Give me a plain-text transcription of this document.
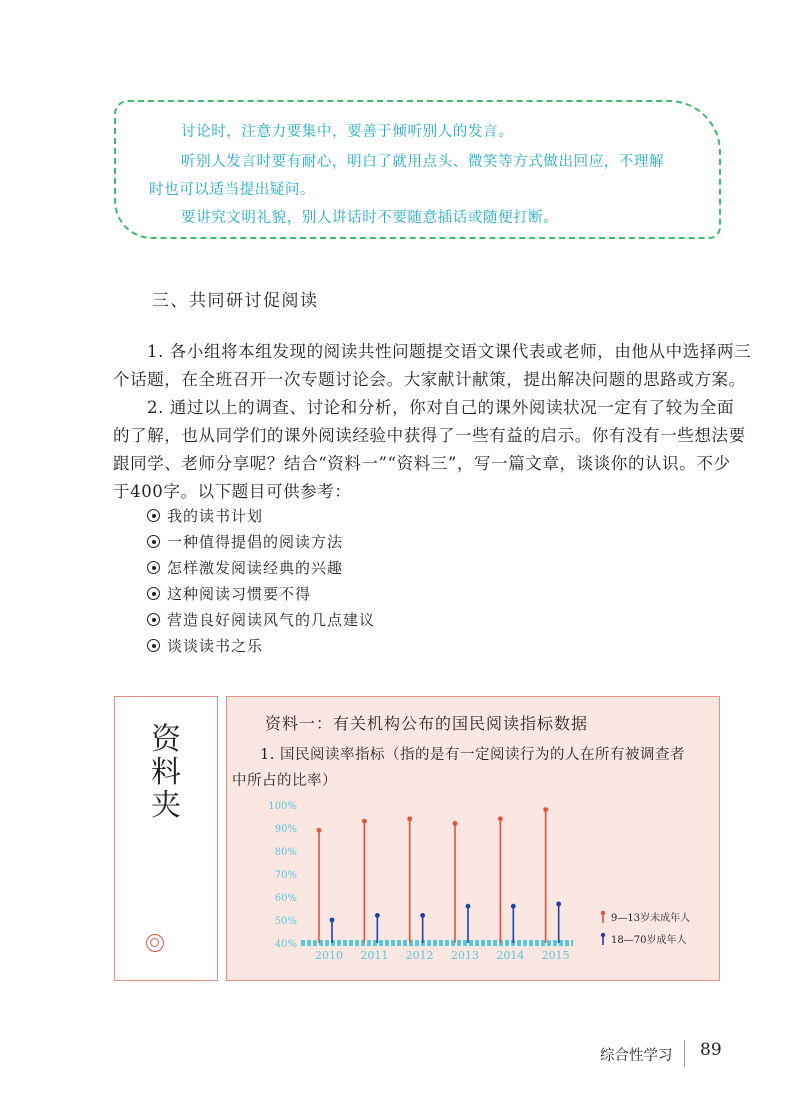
讨论时，注意力要集中，要善于倾听别人的发言。
听别人发言时要有耐心，明白了就用点头、微笑等方式做出回应，不理解
时也可以适当提出疑问。
要讲究文明礼貌，别人讲话时不要随意插话或随便打断。
三、共同研讨促阅读
1. 各小组将本组发现的阅读共性问题提交语文课代表或老师，由他从中选择两三
个话题，在全班召开一次专题讨论会。大家献计献策，提出解决问题的思路或方案。
2. 通过以上的调查、讨论和分析，你对自己的课外阅读状况一定有了较为全面
的了解，也从同学们的课外阅读经验中获得了一些有益的启示。你有没有一些想法要
跟同学、老师分享呢？结合“资料一”“资料三”，写一篇文章，谈谈你的认识。不少
于400字。以下题目可供参考：
我的读书计划
一种值得提倡的阅读方法
怎样激发阅读经典的兴趣
这种阅读习惯要不得
营造良好阅读风气的几点建议
谈谈读书之乐
资料夹
资料一：有关机构公布的国民阅读指标数据
1. 国民阅读率指标（指的是有一定阅读行为的人在所有被调查者
中所占的比率）
40%
50%
60%
70%
80%
90%
100%
2010 2011 2012 2013 2014 2015
9—13岁未成年人
18—70岁成年人
综合性学习 89
